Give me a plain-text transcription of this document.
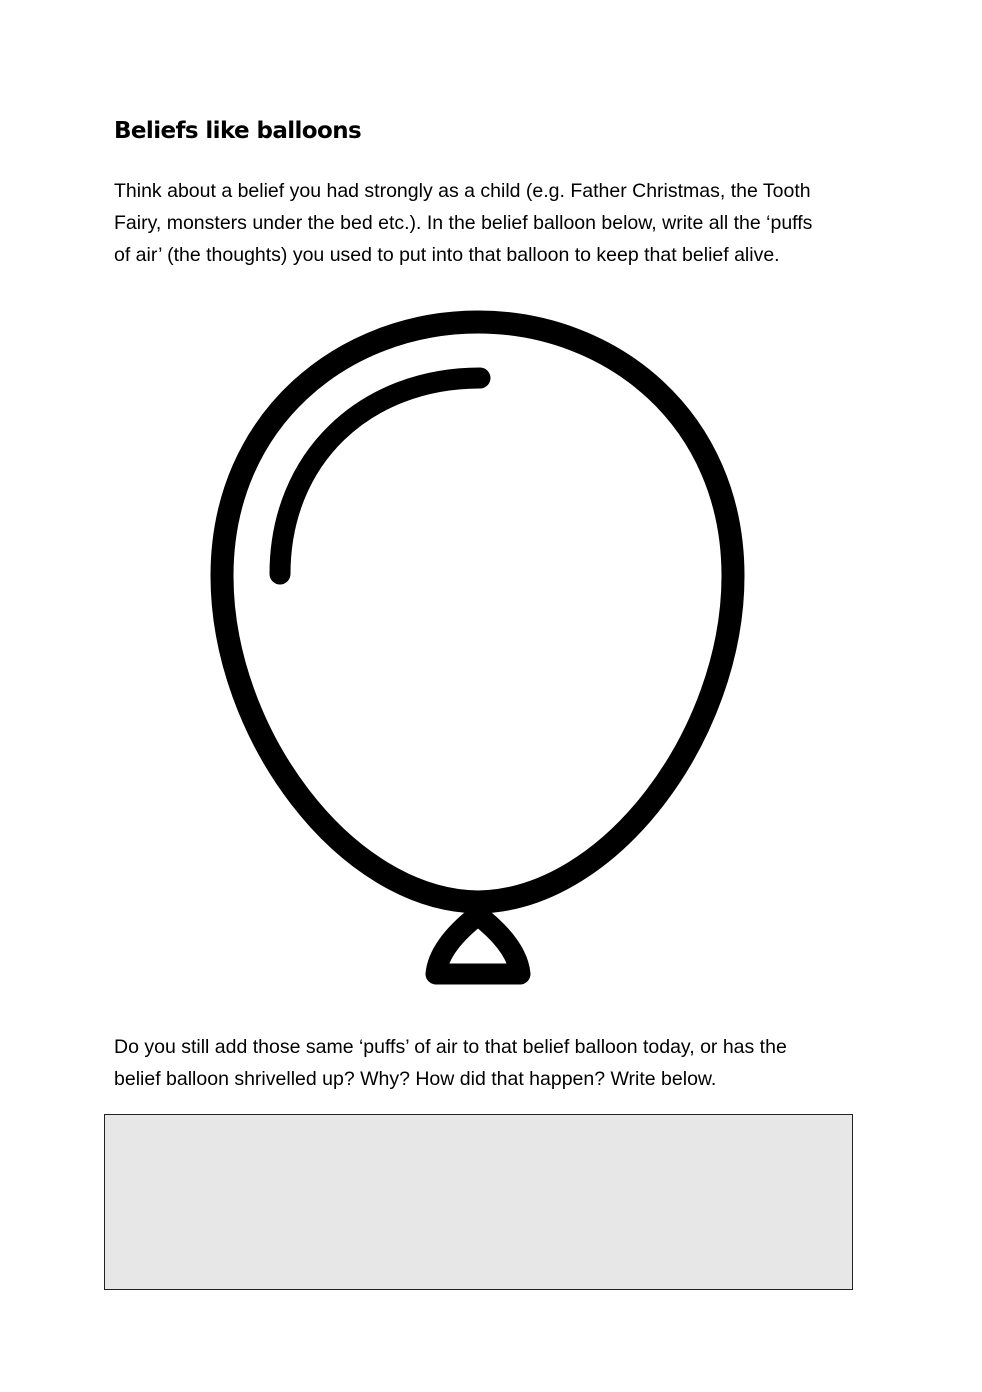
Beliefs like balloons

Think about a belief you had strongly as a child (e.g. Father Christmas, the Tooth
Fairy, monsters under the bed etc.). In the belief balloon below, write all the ‘puffs
of air’ (the thoughts) you used to put into that balloon to keep that belief alive.

Do you still add those same ‘puffs’ of air to that belief balloon today, or has the
belief balloon shrivelled up? Why? How did that happen? Write below.
